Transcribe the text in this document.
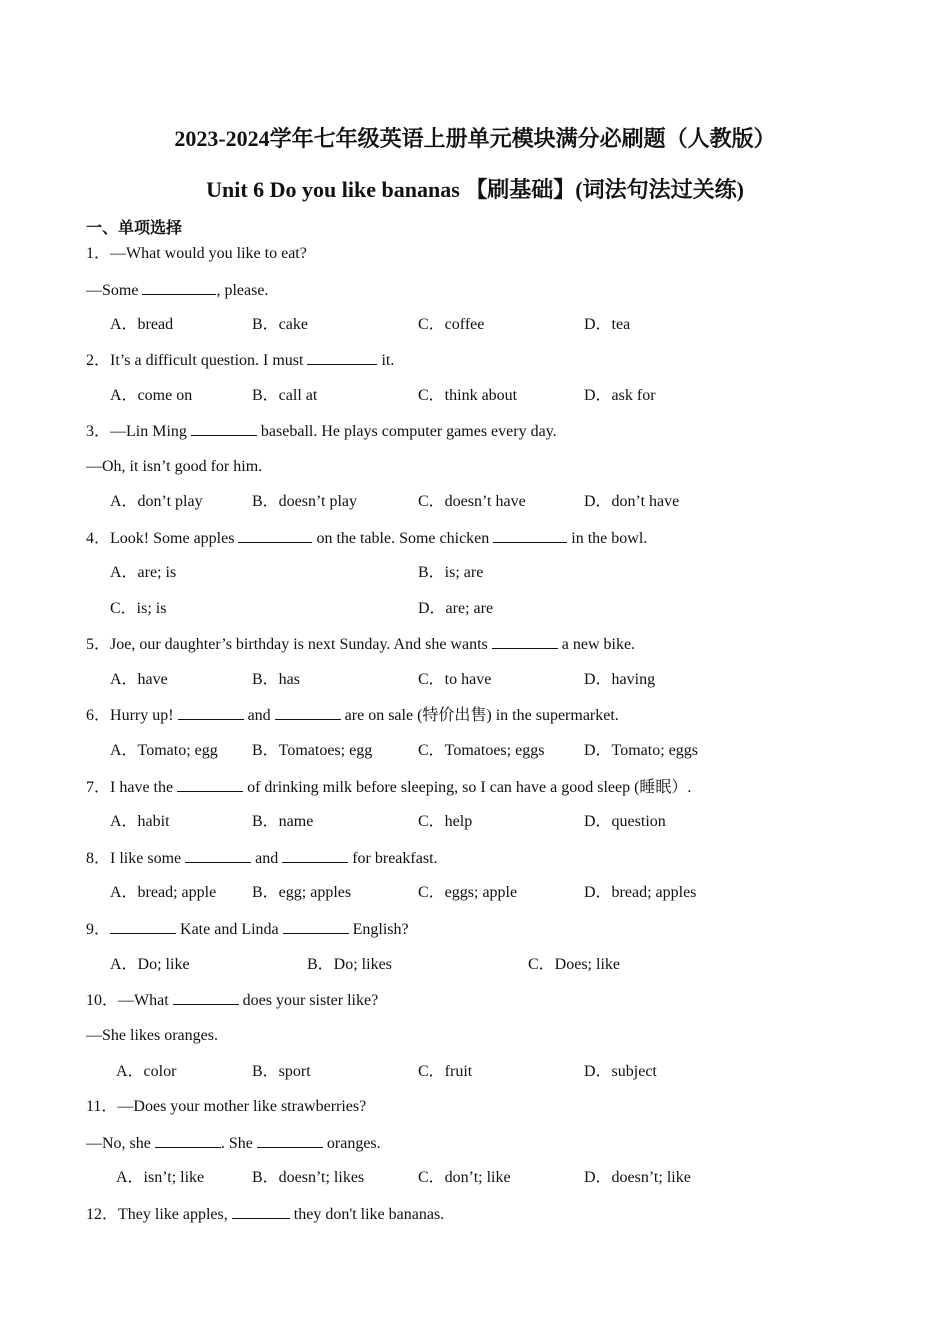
2023-2024学年七年级英语上册单元模块满分必刷题（人教版）
Unit 6 Do you like bananas 【刷基础】(词法句法过关练)
一、单项选择
1．—What would you like to eat?
—Some	, please.
A．bread	B．cake	C．coffee	D．tea
2．It’s a difficult question. I must	it.
A．come on	B．call at	C．think about	D．ask for
3．—Lin Ming	baseball. He plays computer games every day.
—Oh, it isn’t good for him.
A．don’t play	B．doesn’t play	C．doesn’t have	D．don’t have
4．Look! Some apples	on the table. Some chicken	in the bowl.
A．are; is	B．is; are
C．is; is	D．are; are
5．Joe, our daughter’s birthday is next Sunday. And she wants	a new bike.
A．have	B．has	C．to have	D．having
6．Hurry up!	and	are on sale (特价出售) in the supermarket.
A．Tomato; egg B．Tomatoes; egg	C．Tomatoes; eggs D．Tomato; eggs
7．I have the	of drinking milk before sleeping, so I can have a good sleep (睡眠）.
A．habit	B．name	C．help	D．question
8．I like some	and	for breakfast.
A．bread; apple B．egg; apples	C．eggs; apple	D．bread; apples
9．	Kate and Linda	English?
A．Do; like	B．Do; likes	C．Does; like
10．—What	does your sister like?
—She likes oranges.
A．color	B．sport	C．fruit	D．subject
11．—Does your mother like strawberries?
—No, she	. She	oranges.
A．isn’t; like	B．doesn’t; likes	C．don’t; like	D．doesn’t; like
12．They like apples,	they don't like bananas.
